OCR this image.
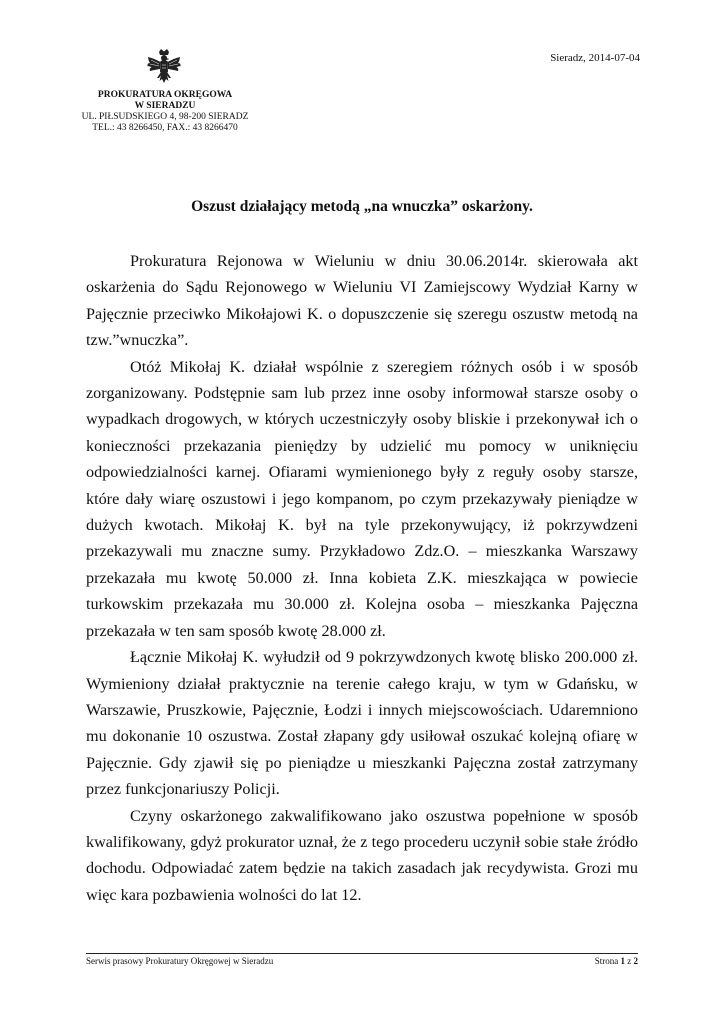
PROKURATURA OKRĘGOWA
W SIERADZU
UL. PIŁSUDSKIEGO 4, 98-200 SIERADZ
TEL.: 43 8266450, FAX.: 43 8266470
Sieradz, 2014-07-04
Oszust działający metodą „na wnuczka” oskarżony.

Prokuratura Rejonowa w Wieluniu w dniu 30.06.2014r. skierowała akt oskarżenia do Sądu Rejonowego w Wieluniu VI Zamiejscowy Wydział Karny w Pajęcznie przeciwko Mikołajowi K. o dopuszczenie się szeregu oszustw metodą na tzw.”wnuczka”.

Otóż Mikołaj K. działał wspólnie z szeregiem różnych osób i w sposób zorganizowany. Podstępnie sam lub przez inne osoby informował starsze osoby o wypadkach drogowych, w których uczestniczyły osoby bliskie i przekonywał ich o konieczności przekazania pieniędzy by udzielić mu pomocy w uniknięciu odpowiedzialności karnej. Ofiarami wymienionego były z reguły osoby starsze, które dały wiarę oszustowi i jego kompanom, po czym przekazywały pieniądze w dużych kwotach. Mikołaj K. był na tyle przekonywujący, iż pokrzywdzeni przekazywali mu znaczne sumy. Przykładowo Zdz.O. – mieszkanka Warszawy przekazała mu kwotę 50.000 zł. Inna kobieta Z.K. mieszkająca w powiecie turkowskim przekazała mu 30.000 zł. Kolejna osoba – mieszkanka Pajęczna przekazała w ten sam sposób kwotę 28.000 zł.

Łącznie Mikołaj K. wyłudził od 9 pokrzywdzonych kwotę blisko 200.000 zł. Wymieniony działał praktycznie na terenie całego kraju, w tym w Gdańsku, w Warszawie, Pruszkowie, Pajęcznie, Łodzi i innych miejscowościach. Udaremniono mu dokonanie 10 oszustwa. Został złapany gdy usiłował oszukać kolejną ofiarę w Pajęcznie. Gdy zjawił się po pieniądze u mieszkanki Pajęczna został zatrzymany przez funkcjonariuszy Policji.

Czyny oskarżonego zakwalifikowano jako oszustwa popełnione w sposób kwalifikowany, gdyż prokurator uznał, że z tego procederu uczynił sobie stałe źródło dochodu. Odpowiadać zatem będzie na takich zasadach jak recydywista. Grozi mu więc kara pozbawienia wolności do lat 12.

Serwis prasowy Prokuratury Okręgowej w Sieradzu	Strona 1 z 2
